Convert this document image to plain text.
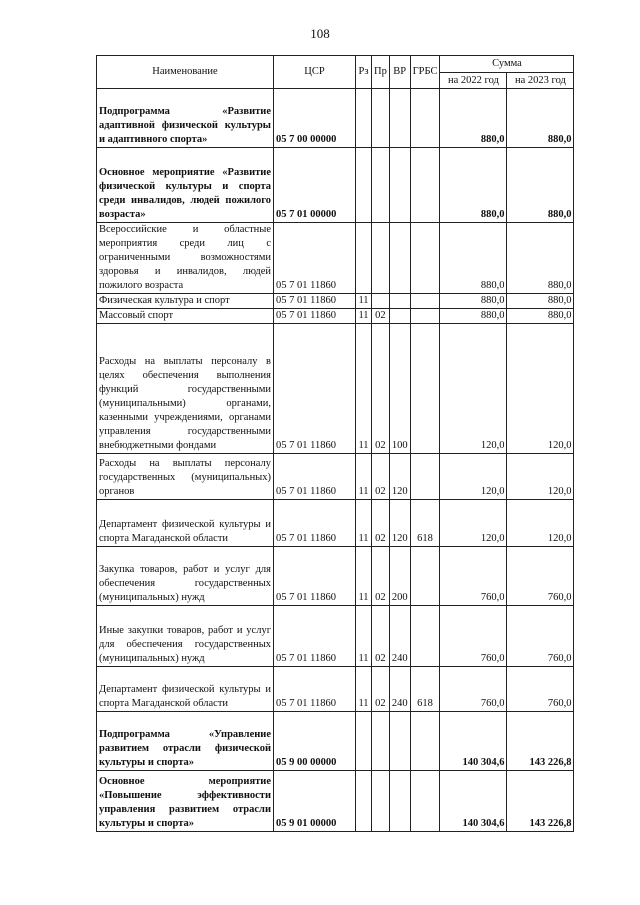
108
Наименование	ЦСР	Рз	Пр	ВР	ГРБС	Сумма	
						на 2022 год	на 2023 год
Подпрограмма «Развитие адаптивной физической культуры и адаптивного спорта»	05 7 00 00000					880,0	880,0
Основное мероприятие «Развитие физической культуры и спорта среди инвалидов, людей пожилого возраста»	05 7 01 00000					880,0	880,0
Всероссийские и областные мероприятия среди лиц с ограниченными возможностями здоровья и инвалидов, людей пожилого возраста	05 7 01 11860					880,0	880,0
Физическая культура и спорт	05 7 01 11860	11				880,0	880,0
Массовый спорт	05 7 01 11860	11	02			880,0	880,0
Расходы на выплаты персоналу в целях обеспечения выполнения функций государственными (муниципальными) органами, казенными учреждениями, органами управления государственными внебюджетными фондами	05 7 01 11860	11	02	100		120,0	120,0
Расходы на выплаты персоналу государственных (муниципальных) органов	05 7 01 11860	11	02	120		120,0	120,0
Департамент физической культуры и спорта Магаданской области	05 7 01 11860	11	02	120	618	120,0	120,0
Закупка товаров, работ и услуг для обеспечения государственных (муниципальных) нужд	05 7 01 11860	11	02	200		760,0	760,0
Иные закупки товаров, работ и услуг для обеспечения государственных (муниципальных) нужд	05 7 01 11860	11	02	240		760,0	760,0
Департамент физической культуры и спорта Магаданской области	05 7 01 11860	11	02	240	618	760,0	760,0
Подпрограмма «Управление развитием отрасли физической культуры и спорта»	05 9 00 00000					140 304,6	143 226,8
Основное мероприятие «Повышение эффективности управления развитием отрасли культуры и спорта»	05 9 01 00000					140 304,6	143 226,8
